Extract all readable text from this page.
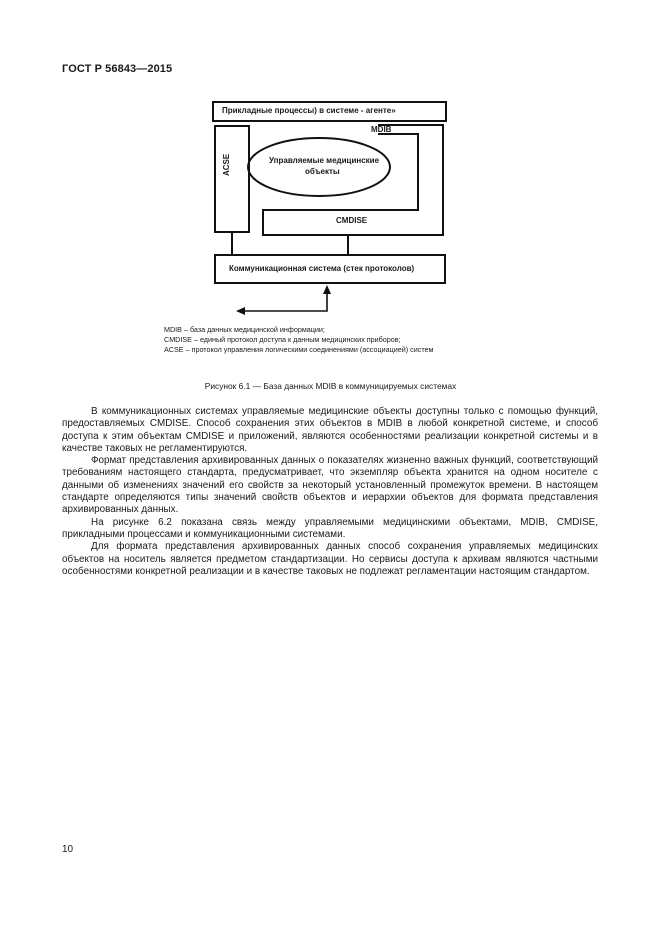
ГОСТ Р 56843—2015
Прикладные процессы) в системе - агенте»
MDIB
Управляемые медицинские
объекты
ACSE
CMDISE
Коммуникационная система (стек протоколов)
MDIB – база данных медицинской информации;
CMDISE – единый протокол доступа к данным медицинских приборов;
ACSE – протокол управления логическими соединениями (ассоциацией) систем
Рисунок 6.1 — База данных MDIB в коммуницируемых системах

В коммуникационных системах управляемые медицинские объекты доступны только с помощью функций, предоставляемых CMDISE. Способ сохранения этих объектов в MDIB в любой конкретной системе, и способ доступа к этим объектам CMDISE и приложений, являются особенностями реализации конкретной системы и в качестве таковых не регламентируются.

Формат представления архивированных данных о показателях жизненно важных функций, соответствующий требованиям настоящего стандарта, предусматривает, что экземпляр объекта хранится на одном носителе с данными об изменениях значений его свойств за некоторый установленный промежуток времени. В настоящем стандарте определяются типы значений свойств объектов и иерархии объектов для формата представления архивированных данных.

На рисунке 6.2 показана связь между управляемыми медицинскими объектами, MDIB, CMDISE, прикладными процессами и коммуникационными системами.

Для формата представления архивированных данных способ сохранения управляемых медицинских объектов на носитель является предметом стандартизации. Но сервисы доступа к архивам являются частными особенностями конкретной реализации и в качестве таковых не подлежат регламентации настоящим стандартом.

10
